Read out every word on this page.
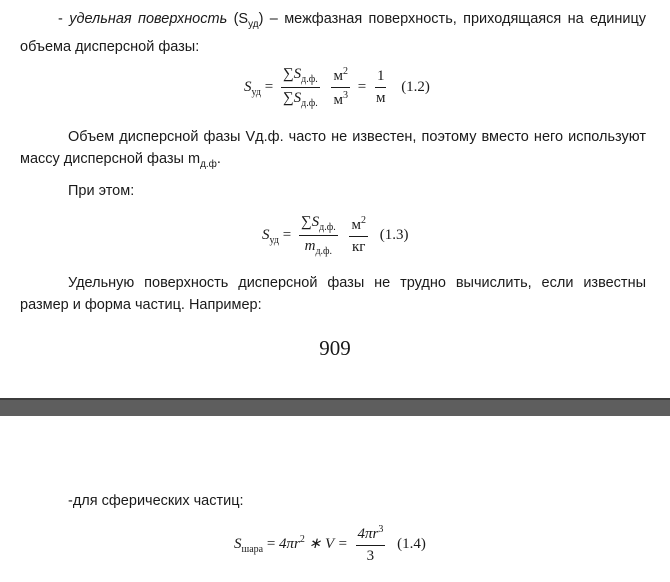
- удельная поверхность $(S_{уд})$ – межфазная поверхность, приходящаяся на единицу объема дисперсной фазы:
$S_{уд} = \frac{\sum S_{д.ф.}}{\sum S_{д.ф.}}$
$\frac{м^2}{м^3} = \frac{1}{м} (1.2)$
Объем дисперсной фазы Vд.ф. часто не известен, поэтому вместо него используют массу дисперсной фазы $m_{д.ф}$.
При этом:
$S_{уд} = \frac{\sum S_{д.ф.}}{m_{д.ф.}}$
$\frac{м^2}{кг} (1.3)$
Удельную поверхность дисперсной фазы не трудно вычислить, если известны размер и форма частиц. Например:
909
-для сферических частиц:
$S_{шара} = 4\pi r^2$ ∗ $V = \frac{4\pi r^3}{3} (1.4)$
